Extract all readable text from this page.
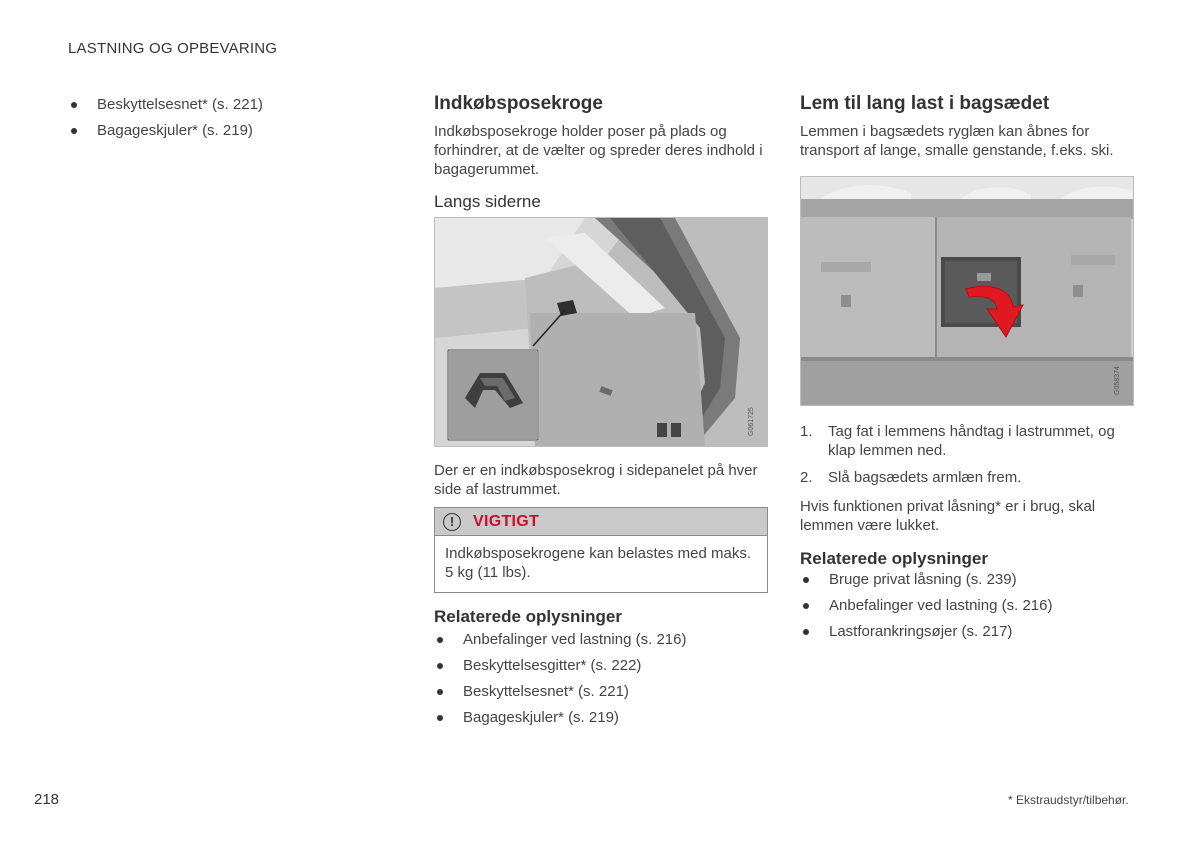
LASTNING OG OPBEVARING
Beskyttelsesnet* (s. 221)
Bagageskjuler* (s. 219)
Indkøbsposekroge

Indkøbsposekroge holder poser på plads og forhindrer, at de vælter og spreder deres indhold i bagagerummet.

Langs siderne
G061725

Der er en indkøbsposekrog i sidepanelet på hver side af lastrummet.

!	VIGTIGT
Indkøbsposekrogene kan belastes med maks. 5 kg (11 lbs).
Relaterede oplysninger
Anbefalinger ved lastning (s. 216)
Beskyttelsesgitter* (s. 222)
Beskyttelsesnet* (s. 221)
Bagageskjuler* (s. 219)
Lem til lang last i bagsædet

Lemmen i bagsædets ryglæn kan åbnes for transport af lange, smalle genstande, f.eks. ski.

G058374
1. Tag fat i lemmens håndtag i lastrummet, og klap lemmen ned.
2. Slå bagsædets armlæn frem.

Hvis funktionen privat låsning* er i brug, skal lemmen være lukket.

Relaterede oplysninger
Bruge privat låsning (s. 239)
Anbefalinger ved lastning (s. 216)
Lastforankringsøjer (s. 217)
218	* Ekstraudstyr/tilbehør.
